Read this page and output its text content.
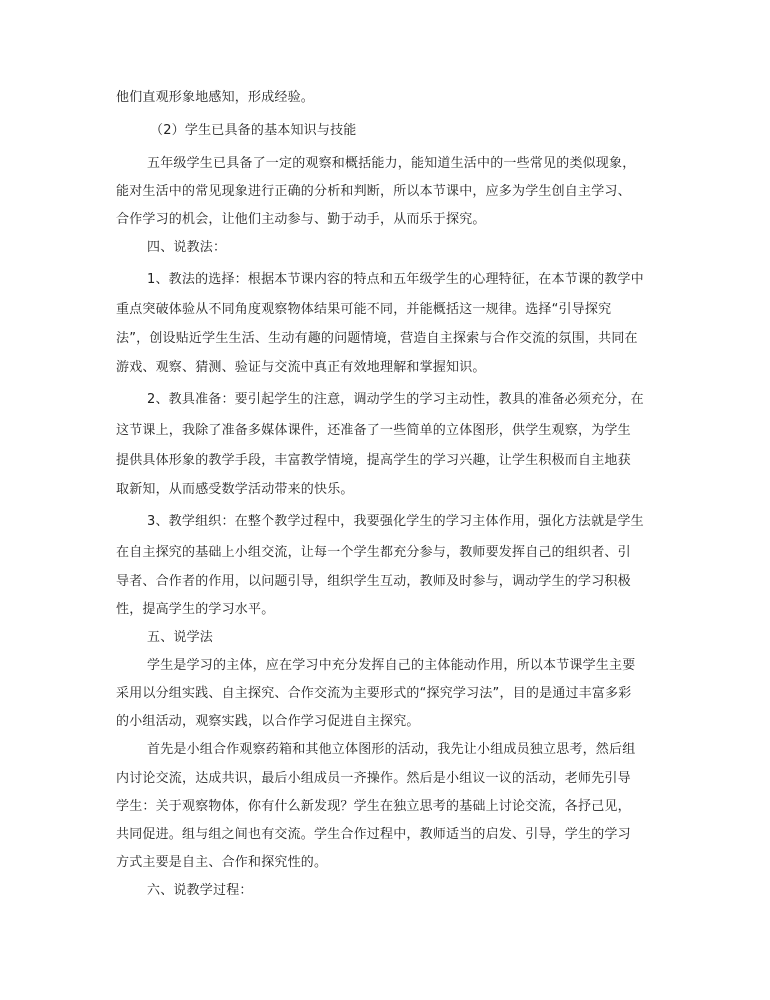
他们直观形象地感知，形成经验。
（2）学生已具备的基本知识与技能
五年级学生已具备了一定的观察和概括能力，能知道生活中的一些常见的类似现象，
能对生活中的常见现象进行正确的分析和判断，所以本节课中，应多为学生创自主学习、
合作学习的机会，让他们主动参与、勤于动手，从而乐于探究。
四、说教法：
1、教法的选择：根据本节课内容的特点和五年级学生的心理特征，在本节课的教学中
重点突破体验从不同角度观察物体结果可能不同，并能概括这一规律。选择“引导探究
法”，创设贴近学生生活、生动有趣的问题情境，营造自主探索与合作交流的氛围，共同在
游戏、观察、猜测、验证与交流中真正有效地理解和掌握知识。
2、教具准备：要引起学生的注意，调动学生的学习主动性，教具的准备必须充分，在
这节课上，我除了准备多媒体课件，还准备了一些简单的立体图形，供学生观察，为学生
提供具体形象的教学手段，丰富教学情境，提高学生的学习兴趣，让学生积极而自主地获
取新知，从而感受数学活动带来的快乐。
3、教学组织：在整个教学过程中，我要强化学生的学习主体作用，强化方法就是学生
在自主探究的基础上小组交流，让每一个学生都充分参与，教师要发挥自己的组织者、引
导者、合作者的作用，以问题引导，组织学生互动，教师及时参与，调动学生的学习积极
性，提高学生的学习水平。
五、说学法
学生是学习的主体，应在学习中充分发挥自己的主体能动作用，所以本节课学生主要
采用以分组实践、自主探究、合作交流为主要形式的“探究学习法”，目的是通过丰富多彩
的小组活动，观察实践，以合作学习促进自主探究。
首先是小组合作观察药箱和其他立体图形的活动，我先让小组成员独立思考，然后组
内讨论交流，达成共识，最后小组成员一齐操作。然后是小组议一议的活动，老师先引导
学生：关于观察物体，你有什么新发现？学生在独立思考的基础上讨论交流，各抒己见，
共同促进。组与组之间也有交流。学生合作过程中，教师适当的启发、引导，学生的学习
方式主要是自主、合作和探究性的。
六、说教学过程：
